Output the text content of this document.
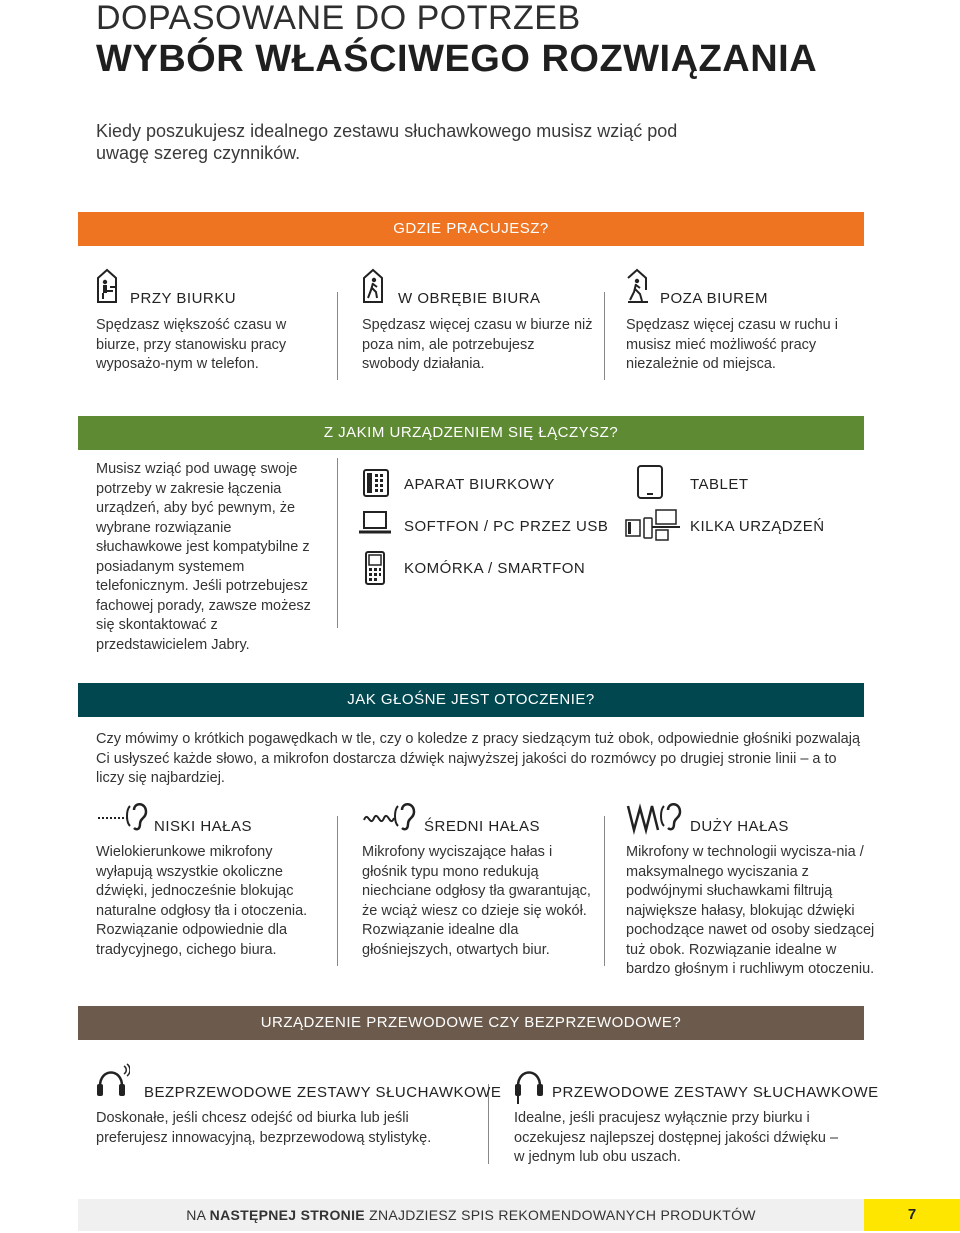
DOPASOWANE DO POTRZEB
WYBÓR WŁAŚCIWEGO ROZWIĄZANIA
Kiedy poszukujesz idealnego zestawu słuchawkowego musisz wziąć pod uwagę szereg czynników.
GDZIE PRACUJESZ?
PRZY BIURKU
Spędzasz większość czasu w biurze, przy stanowisku pracy wyposażo-nym w telefon.
W OBRĘBIE BIURA
Spędzasz więcej czasu w biurze niż poza nim, ale potrzebujesz swobody działania.
POZA BIUREM
Spędzasz więcej czasu w ruchu i musisz mieć możliwość pracy niezależnie od miejsca.
Z JAKIM URZĄDZENIEM SIĘ ŁĄCZYSZ?
Musisz wziąć pod uwagę swoje potrzeby w zakresie łączenia urządzeń, aby być pewnym, że wybrane rozwiązanie słuchawkowe jest kompatybilne z posiadanym systemem telefonicznym. Jeśli potrzebujesz fachowej porady, zawsze możesz się skontaktować z przedstawicielem Jabry.
APARAT BIURKOWY
SOFTFON / PC PRZEZ USB
KOMÓRKA / SMARTFON
TABLET
KILKA URZĄDZEŃ
JAK GŁOŚNE JEST OTOCZENIE?
Czy mówimy o krótkich pogawędkach w tle, czy o koledze z pracy siedzącym tuż obok, odpowiednie głośniki pozwalają Ci usłyszeć każde słowo, a mikrofon dostarcza dźwięk najwyższej jakości do rozmówcy po drugiej stronie linii – a to liczy się najbardziej.
NISKI HAŁAS
Wielokierunkowe mikrofony wyłapują wszystkie okoliczne dźwięki, jednocześnie blokując naturalne odgłosy tła i otoczenia. Rozwiązanie odpowiednie dla tradycyjnego, cichego biura.
ŚREDNI HAŁAS
Mikrofony wyciszające hałas i głośnik typu mono redukują niechciane odgłosy tła gwarantując, że wciąż wiesz co dzieje się wokół. Rozwiązanie idealne dla głośniejszych, otwartych biur.
DUŻY HAŁAS
Mikrofony w technologii wycisza-nia / maksymalnego wyciszania z podwójnymi słuchawkami filtrują największe hałasy, blokując dźwięki pochodzące nawet od osoby siedzącej tuż obok. Rozwiązanie idealne w bardzo głośnym i ruchliwym otoczeniu.
URZĄDZENIE PRZEWODOWE CZY BEZPRZEWODOWE?
BEZPRZEWODOWE ZESTAWY SŁUCHAWKOWE
Doskonałe, jeśli chcesz odejść od biurka lub jeśli preferujesz innowacyjną, bezprzewodową stylistykę.
PRZEWODOWE ZESTAWY SŁUCHAWKOWE
Idealne, jeśli pracujesz wyłącznie przy biurku i oczekujesz najlepszej dostępnej jakości dźwięku – w jednym lub obu uszach.
NA NASTĘPNEJ STRONIE ZNAJDZIESZ SPIS REKOMENDOWANYCH PRODUKTÓW	7
